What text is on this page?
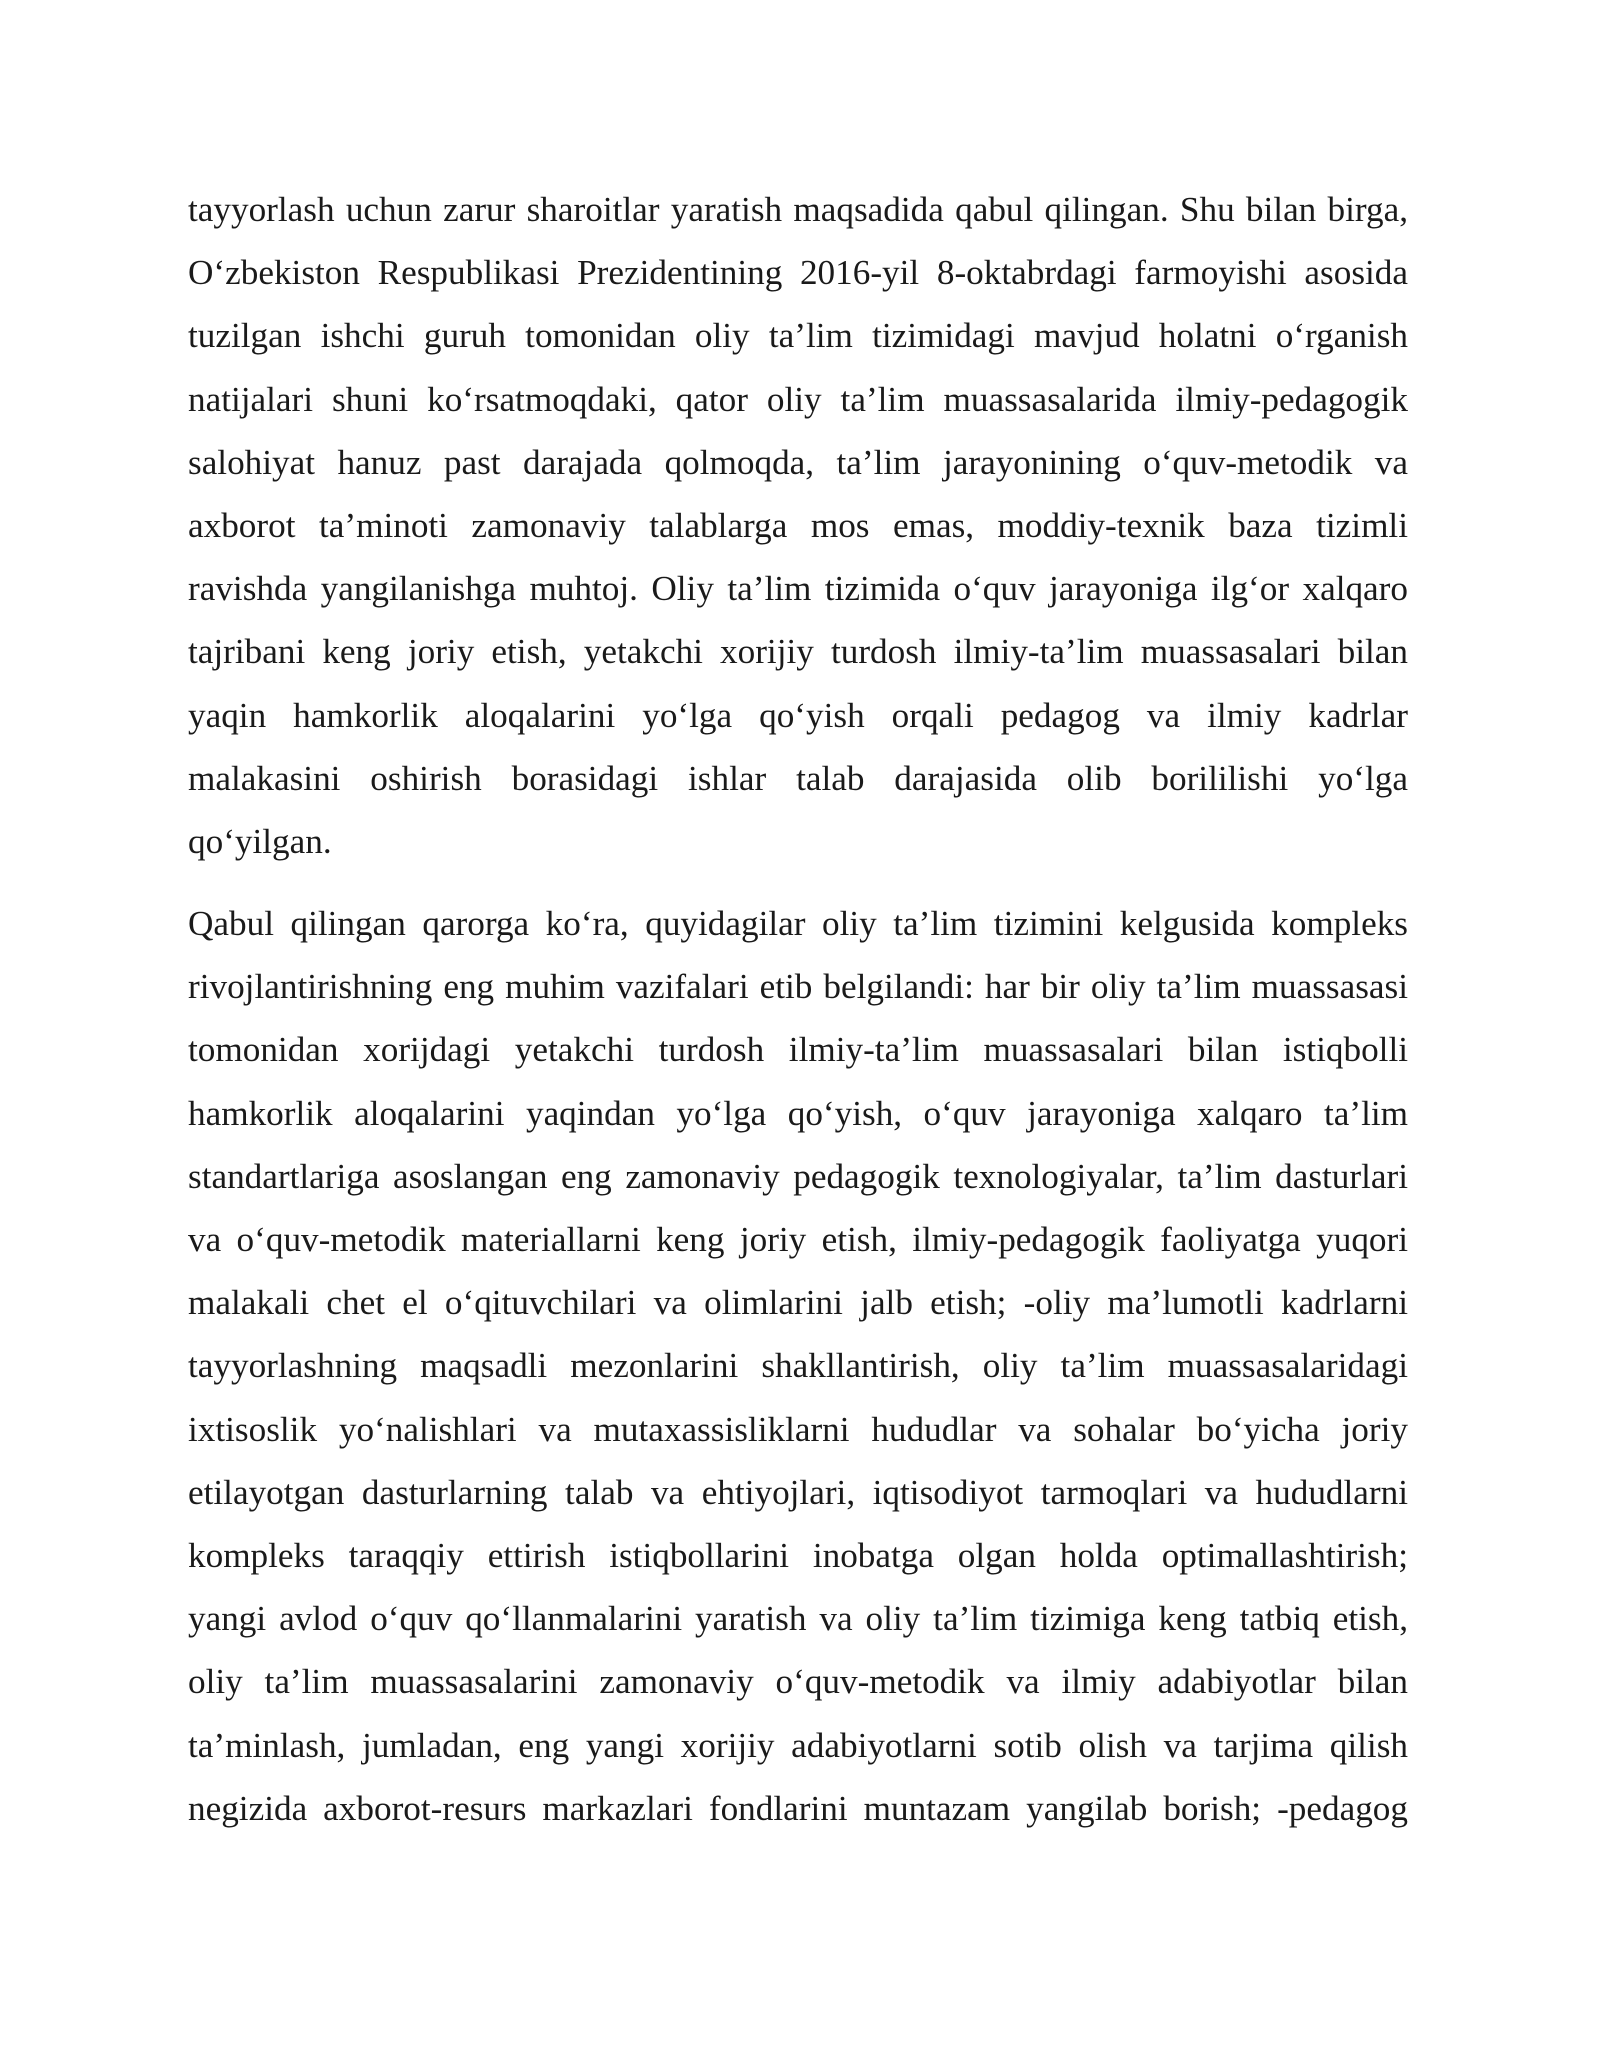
tayyorlash uchun zarur sharoitlar yaratish maqsadida qabul qilingan. Shu bilan birga,
O‘zbekiston Respublikasi Prezidentining 2016-yil 8-oktabrdagi farmoyishi asosida
tuzilgan ishchi guruh tomonidan oliy ta’lim tizimidagi mavjud holatni o‘rganish
natijalari shuni ko‘rsatmoqdaki, qator oliy ta’lim muassasalarida ilmiy-pedagogik
salohiyat hanuz past darajada qolmoqda, ta’lim jarayonining o‘quv-metodik va
axborot ta’minoti zamonaviy talablarga mos emas, moddiy-texnik baza tizimli
ravishda yangilanishga muhtoj. Oliy ta’lim tizimida o‘quv jarayoniga ilg‘or xalqaro
tajribani keng joriy etish, yetakchi xorijiy turdosh ilmiy-ta’lim muassasalari bilan
yaqin hamkorlik aloqalarini yo‘lga qo‘yish orqali pedagog va ilmiy kadrlar
malakasini oshirish borasidagi ishlar talab darajasida olib borililishi yo‘lga
qo‘yilgan.
Qabul qilingan qarorga ko‘ra, quyidagilar oliy ta’lim tizimini kelgusida kompleks
rivojlantirishning eng muhim vazifalari etib belgilandi: har bir oliy ta’lim muassasasi
tomonidan xorijdagi yetakchi turdosh ilmiy-ta’lim muassasalari bilan istiqbolli
hamkorlik aloqalarini yaqindan yo‘lga qo‘yish, o‘quv jarayoniga xalqaro ta’lim
standartlariga asoslangan eng zamonaviy pedagogik texnologiyalar, ta’lim dasturlari
va o‘quv-metodik materiallarni keng joriy etish, ilmiy-pedagogik faoliyatga yuqori
malakali chet el o‘qituvchilari va olimlarini jalb etish; -oliy ma’lumotli kadrlarni
tayyorlashning maqsadli mezonlarini shakllantirish, oliy ta’lim muassasalaridagi
ixtisoslik yo‘nalishlari va mutaxassisliklarni hududlar va sohalar bo‘yicha joriy
etilayotgan dasturlarning talab va ehtiyojlari, iqtisodiyot tarmoqlari va hududlarni
kompleks taraqqiy ettirish istiqbollarini inobatga olgan holda optimallashtirish;
yangi avlod o‘quv qo‘llanmalarini yaratish va oliy ta’lim tizimiga keng tatbiq etish,
oliy ta’lim muassasalarini zamonaviy o‘quv-metodik va ilmiy adabiyotlar bilan
ta’minlash, jumladan, eng yangi xorijiy adabiyotlarni sotib olish va tarjima qilish
negizida axborot-resurs markazlari fondlarini muntazam yangilab borish; -pedagog
